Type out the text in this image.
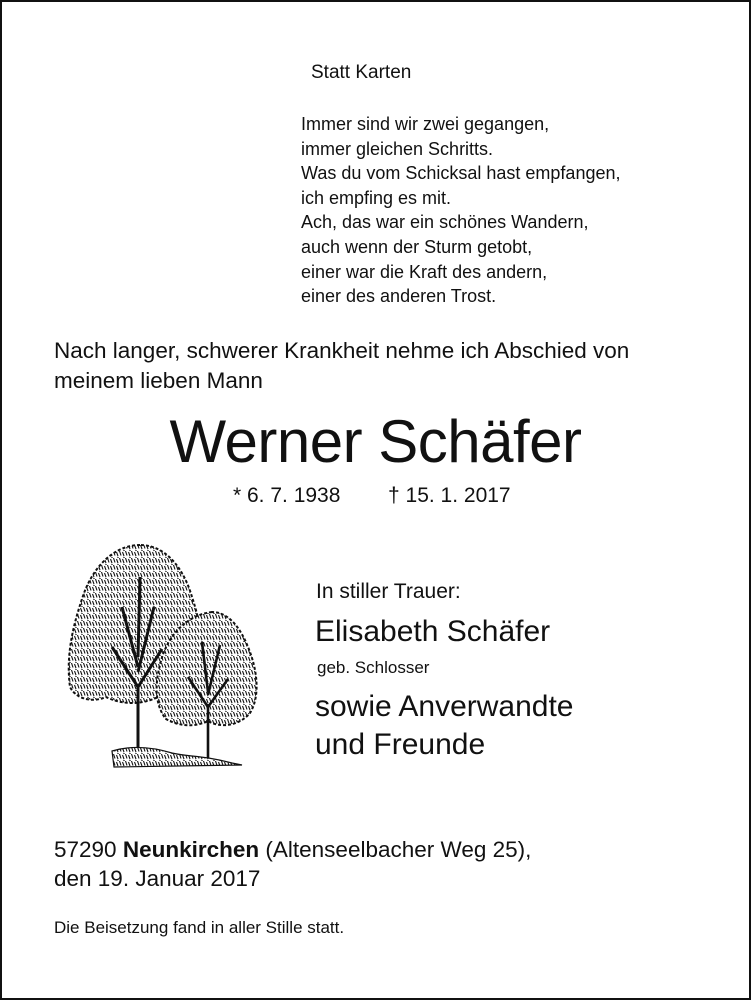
Statt Karten
Immer sind wir zwei gegangen,
immer gleichen Schritts.
Was du vom Schicksal hast empfangen,
ich empfing es mit.
Ach, das war ein schönes Wandern,
auch wenn der Sturm getobt,
einer war die Kraft des andern,
einer des anderen Trost.
Nach langer, schwerer Krankheit nehme ich Abschied von
meinem lieben Mann
Werner Schäfer
* 6. 7. 1938 † 15. 1. 2017
In stiller Trauer:
Elisabeth Schäfer
geb. Schlosser
sowie Anverwandte
und Freunde
57290 Neunkirchen (Altenseelbacher Weg 25),
den 19. Januar 2017
Die Beisetzung fand in aller Stille statt.
